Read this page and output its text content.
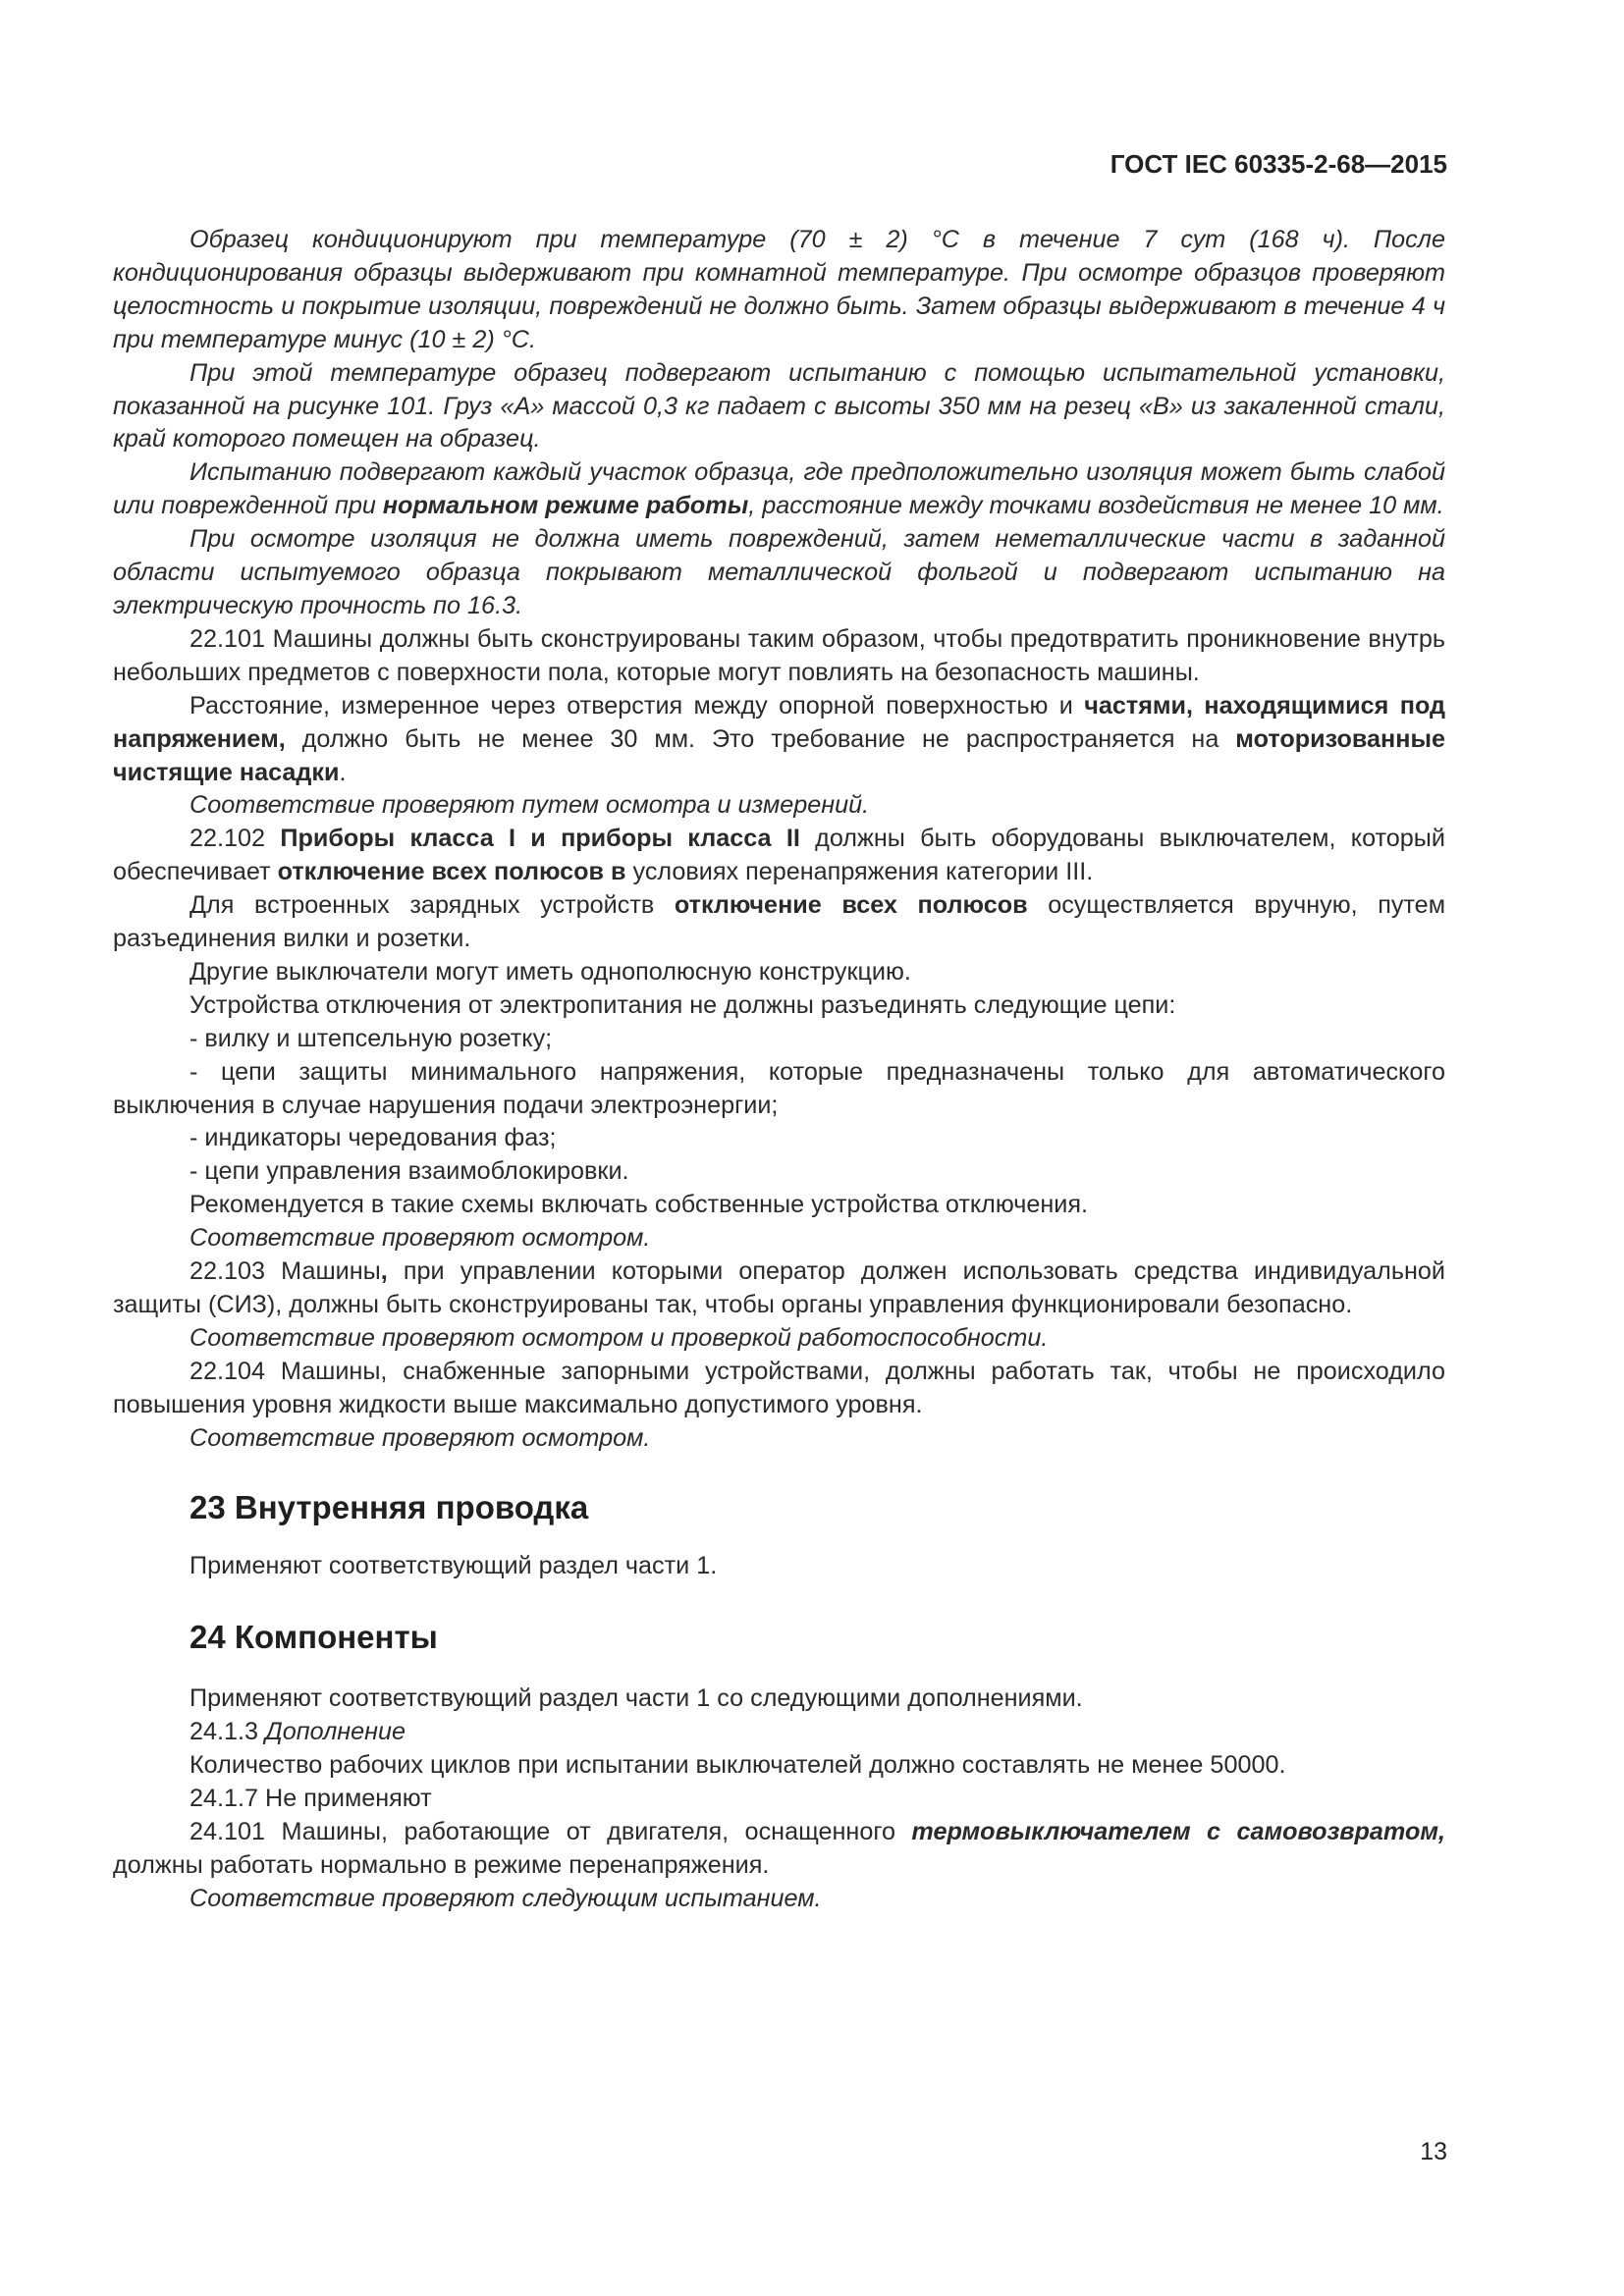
ГОСТ IEC 60335-2-68—2015

Образец кондиционируют при температуре (70 ± 2) °С в течение 7 сут (168 ч). После кондиционирования образцы выдерживают при комнатной температуре. При осмотре образцов проверяют целостность и покрытие изоляции, повреждений не должно быть. Затем образцы выдерживают в течение 4 ч при температуре минус (10 ± 2) °С.

При этой температуре образец подвергают испытанию с помощью испытательной установки, показанной на рисунке 101. Груз «А» массой 0,3 кг падает с высоты 350 мм на резец «В» из закаленной стали, край которого помещен на образец.

Испытанию подвергают каждый участок образца, где предположительно изоляция может быть слабой или поврежденной при нормальном режиме работы, расстояние между точками воздействия не менее 10 мм.

При осмотре изоляция не должна иметь повреждений, затем неметаллические части в заданной области испытуемого образца покрывают металлической фольгой и подвергают испытанию на электрическую прочность по 16.3.

22.101 Машины должны быть сконструированы таким образом, чтобы предотвратить проникновение внутрь небольших предметов с поверхности пола, которые могут повлиять на безопасность машины.

Расстояние, измеренное через отверстия между опорной поверхностью и частями, находящимися под напряжением, должно быть не менее 30 мм. Это требование не распространяется на моторизованные чистящие насадки.

Соответствие проверяют путем осмотра и измерений.

22.102 Приборы класса I и приборы класса II должны быть оборудованы выключателем, который обеспечивает отключение всех полюсов в условиях перенапряжения категории III.

Для встроенных зарядных устройств отключение всех полюсов осуществляется вручную, путем разъединения вилки и розетки.

Другие выключатели могут иметь однополюсную конструкцию.

Устройства отключения от электропитания не должны разъединять следующие цепи:

- вилку и штепсельную розетку;

- цепи защиты минимального напряжения, которые предназначены только для автоматического выключения в случае нарушения подачи электроэнергии;

- индикаторы чередования фаз;

- цепи управления взаимоблокировки.

Рекомендуется в такие схемы включать собственные устройства отключения.

Соответствие проверяют осмотром.

22.103 Машины, при управлении которыми оператор должен использовать средства индивидуальной защиты (СИЗ), должны быть сконструированы так, чтобы органы управления функционировали безопасно.

Соответствие проверяют осмотром и проверкой работоспособности.

22.104 Машины, снабженные запорными устройствами, должны работать так, чтобы не происходило повышения уровня жидкости выше максимально допустимого уровня.

Соответствие проверяют осмотром.

23 Внутренняя проводка

Применяют соответствующий раздел части 1.

24 Компоненты

Применяют соответствующий раздел части 1 со следующими дополнениями.

24.1.3 Дополнение

Количество рабочих циклов при испытании выключателей должно составлять не менее 50000.

24.1.7 Не применяют

24.101 Машины, работающие от двигателя, оснащенного термовыключателем с самовозвратом, должны работать нормально в режиме перенапряжения.

Соответствие проверяют следующим испытанием.

13
